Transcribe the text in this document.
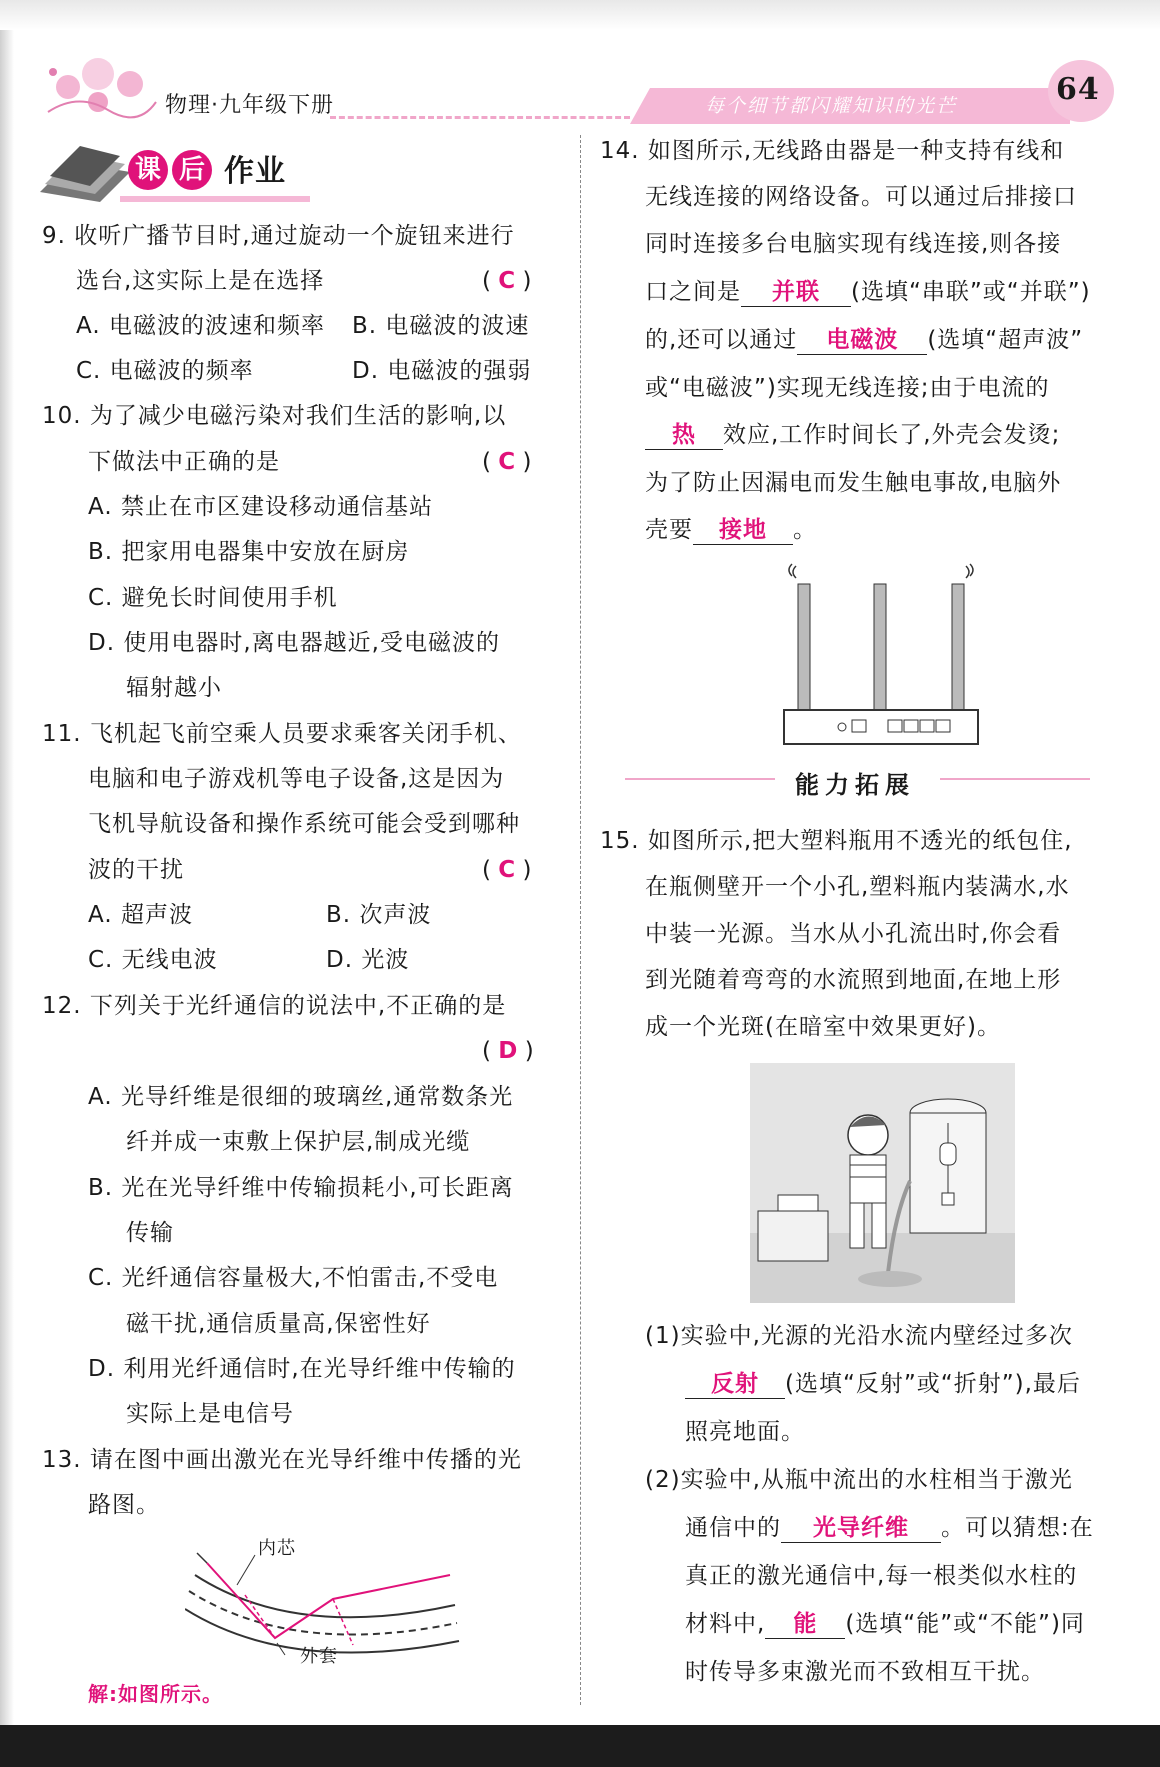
物理·九年级下册	每个细节都闪耀知识的光芒	64
课 后 作业
9. 收听广播节目时,通过旋动一个旋钮来进行
选台,这实际上是在选择	( C )
A. 电磁波的波速和频率 B. 电磁波的波速
C. 电磁波的频率	D. 电磁波的强弱
10. 为了减少电磁污染对我们生活的影响,以
下做法中正确的是	( C )
A. 禁止在市区建设移动通信基站
B. 把家用电器集中安放在厨房
C. 避免长时间使用手机
D. 使用电器时,离电器越近,受电磁波的
辐射越小
11. 飞机起飞前空乘人员要求乘客关闭手机、
电脑和电子游戏机等电子设备,这是因为
飞机导航设备和操作系统可能会受到哪种
波的干扰	( C )
A. 超声波	B. 次声波
C. 无线电波	D. 光波
12. 下列关于光纤通信的说法中,不正确的是
( D )
A. 光导纤维是很细的玻璃丝,通常数条光
纤并成一束敷上保护层,制成光缆
B. 光在光导纤维中传输损耗小,可长距离
传输
C. 光纤通信容量极大,不怕雷击,不受电
磁干扰,通信质量高,保密性好
D. 利用光纤通信时,在光导纤维中传输的
实际上是电信号
13. 请在图中画出激光在光导纤维中传播的光
路图。
内芯
外套
解:如图所示。
14. 如图所示,无线路由器是一种支持有线和
无线连接的网络设备。可以通过后排接口
同时连接多台电脑实现有线连接,则各接
口之间是 并联 (选填“串联”或“并联”)
的,还可以通过 电磁波 (选填“超声波”
或“电磁波”)实现无线连接;由于电流的
热 效应,工作时间长了,外壳会发烫;
为了防止因漏电而发生触电事故,电脑外
壳要 接地 。
能力拓展
15. 如图所示,把大塑料瓶用不透光的纸包住,
在瓶侧壁开一个小孔,塑料瓶内装满水,水
中装一光源。当水从小孔流出时,你会看
到光随着弯弯的水流照到地面,在地上形
成一个光斑(在暗室中效果更好)。
(1)实验中,光源的光沿水流内壁经过多次
反射 (选填“反射”或“折射”),最后
照亮地面。
(2)实验中,从瓶中流出的水柱相当于激光
通信中的 光导纤维 。可以猜想:在
真正的激光通信中,每一根类似水柱的
材料中, 能 (选填“能”或“不能”)同
时传导多束激光而不致相互干扰。
